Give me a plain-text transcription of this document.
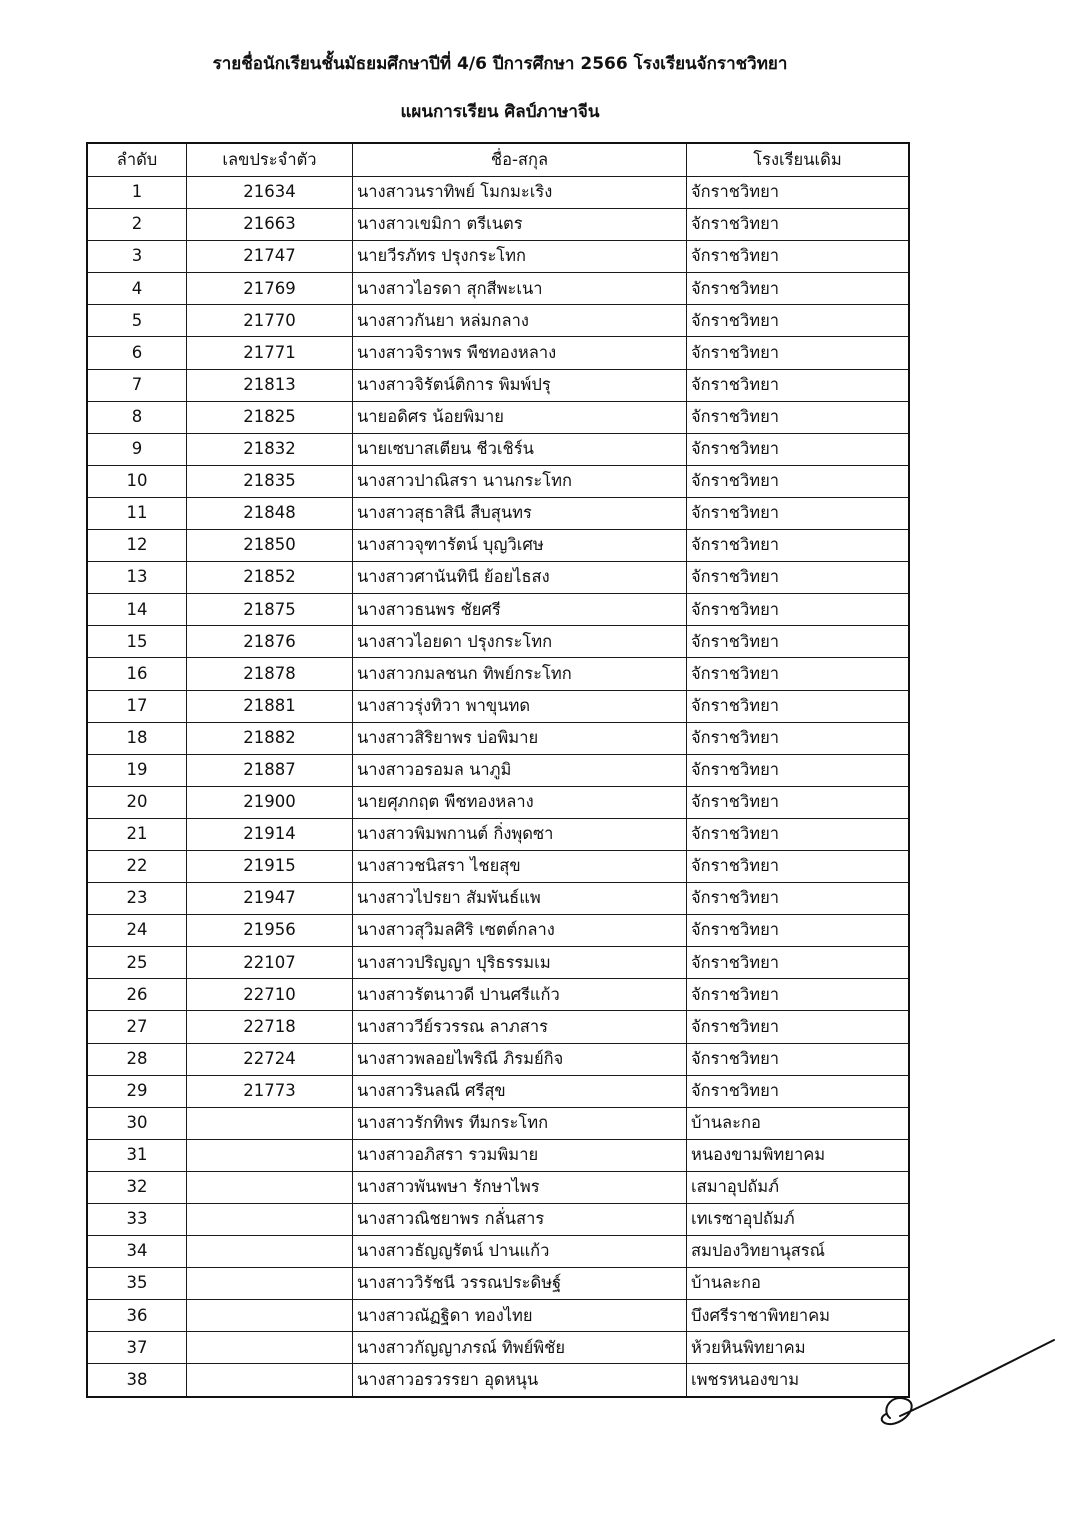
รายชื่อนักเรียนชั้นมัธยมศึกษาปีที่ 4/6 ปีการศึกษา 2566 โรงเรียนจักราชวิทยา
แผนการเรียน ศิลป์ภาษาจีน
ลำดับ	เลขประจำตัว	ชื่อ-สกุล	โรงเรียนเดิม
1	21634	นางสาวนราทิพย์ โมกมะเริง	จักราชวิทยา
2	21663	นางสาวเขมิกา ตรีเนตร	จักราชวิทยา
3	21747	นายวีรภัทร ปรุงกระโทก	จักราชวิทยา
4	21769	นางสาวไอรดา สุกสีพะเนา	จักราชวิทยา
5	21770	นางสาวกันยา หล่มกลาง	จักราชวิทยา
6	21771	นางสาวจิราพร พืชทองหลาง	จักราชวิทยา
7	21813	นางสาวจิรัตน์ติการ พิมพ์ปรุ	จักราชวิทยา
8	21825	นายอดิศร น้อยพิมาย	จักราชวิทยา
9	21832	นายเซบาสเตียน ชีวเชิร์น	จักราชวิทยา
10	21835	นางสาวปาณิสรา นานกระโทก	จักราชวิทยา
11	21848	นางสาวสุธาสินี สืบสุนทร	จักราชวิทยา
12	21850	นางสาวจุฑารัตน์ บุญวิเศษ	จักราชวิทยา
13	21852	นางสาวศานันทินี ย้อยไธสง	จักราชวิทยา
14	21875	นางสาวธนพร ชัยศรี	จักราชวิทยา
15	21876	นางสาวไอยดา ปรุงกระโทก	จักราชวิทยา
16	21878	นางสาวกมลชนก ทิพย์กระโทก	จักราชวิทยา
17	21881	นางสาวรุ่งทิวา พาขุนทด	จักราชวิทยา
18	21882	นางสาวสิริยาพร บ่อพิมาย	จักราชวิทยา
19	21887	นางสาวอรอมล นาภูมิ	จักราชวิทยา
20	21900	นายศุภกฤต พืชทองหลาง	จักราชวิทยา
21	21914	นางสาวพิมพกานต์ กิ่งพุดซา	จักราชวิทยา
22	21915	นางสาวชนิสรา ไชยสุข	จักราชวิทยา
23	21947	นางสาวไปรยา สัมพันธ์แพ	จักราชวิทยา
24	21956	นางสาวสุวิมลศิริ เซตต์กลาง	จักราชวิทยา
25	22107	นางสาวปริญญา ปุริธรรมเม	จักราชวิทยา
26	22710	นางสาวรัตนาวดี ปานศรีแก้ว	จักราชวิทยา
27	22718	นางสาววีย์รวรรณ ลาภสาร	จักราชวิทยา
28	22724	นางสาวพลอยไพริณี ภิรมย์กิจ	จักราชวิทยา
29	21773	นางสาวรินลณี ศรีสุข	จักราชวิทยา
30		นางสาวรักทิพร ทีมกระโทก	บ้านละกอ
31		นางสาวอภิสรา รวมพิมาย	หนองขามพิทยาคม
32		นางสาวพันพษา รักษาไพร	เสมาอุปถัมภ์
33		นางสาวณิชยาพร กลั่นสาร	เทเรซาอุปถัมภ์
34		นางสาวธัญญรัตน์ ปานแก้ว	สมปองวิทยานุสรณ์
35		นางสาววิรัชนี วรรณประดิษฐ์	บ้านละกอ
36		นางสาวณัฏฐิดา ทองไทย	บึงศรีราชาพิทยาคม
37		นางสาวกัญญาภรณ์ ทิพย์พิชัย	ห้วยหินพิทยาคม
38		นางสาวอรวรรยา อุดหนุน	เพชรหนองขาม
